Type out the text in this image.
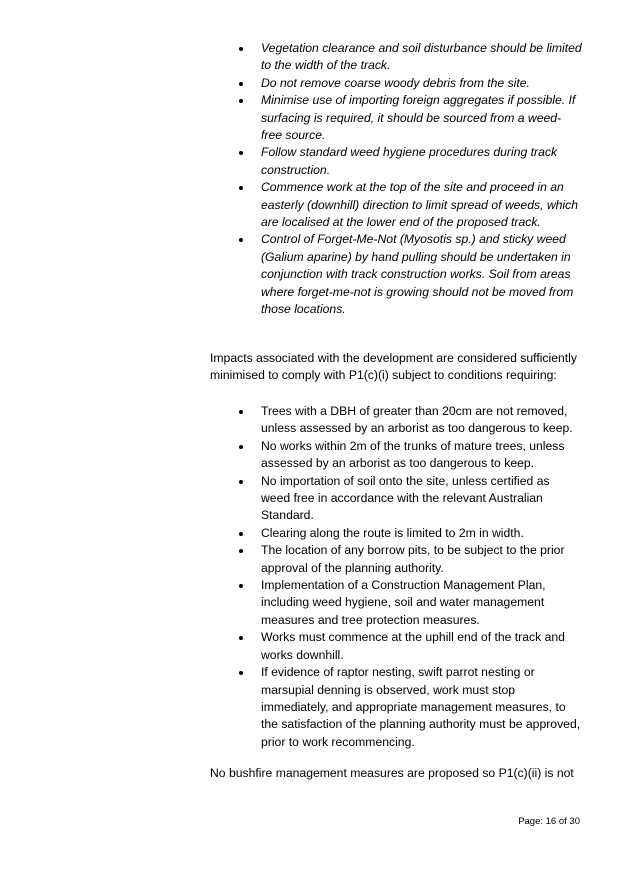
Vegetation clearance and soil disturbance should be limited to the width of the track.
Do not remove coarse woody debris from the site.
Minimise use of importing foreign aggregates if possible. If surfacing is required, it should be sourced from a weed-free source.
Follow standard weed hygiene procedures during track construction.
Commence work at the top of the site and proceed in an easterly (downhill) direction to limit spread of weeds, which are localised at the lower end of the proposed track.
Control of Forget-Me-Not (Myosotis sp.) and sticky weed (Galium aparine) by hand pulling should be undertaken in conjunction with track construction works. Soil from areas where forget-me-not is growing should not be moved from those locations.

Impacts associated with the development are considered sufficiently minimised to comply with P1(c)(i) subject to conditions requiring:

Trees with a DBH of greater than 20cm are not removed, unless assessed by an arborist as too dangerous to keep.
No works within 2m of the trunks of mature trees, unless assessed by an arborist as too dangerous to keep.
No importation of soil onto the site, unless certified as weed free in accordance with the relevant Australian Standard.
Clearing along the route is limited to 2m in width.
The location of any borrow pits, to be subject to the prior approval of the planning authority.
Implementation of a Construction Management Plan, including weed hygiene, soil and water management measures and tree protection measures.
Works must commence at the uphill end of the track and works downhill.
If evidence of raptor nesting, swift parrot nesting or marsupial denning is observed, work must stop immediately, and appropriate management measures, to the satisfaction of the planning authority must be approved, prior to work recommencing.

No bushfire management measures are proposed so P1(c)(ii) is not

Page: 16 of 30
